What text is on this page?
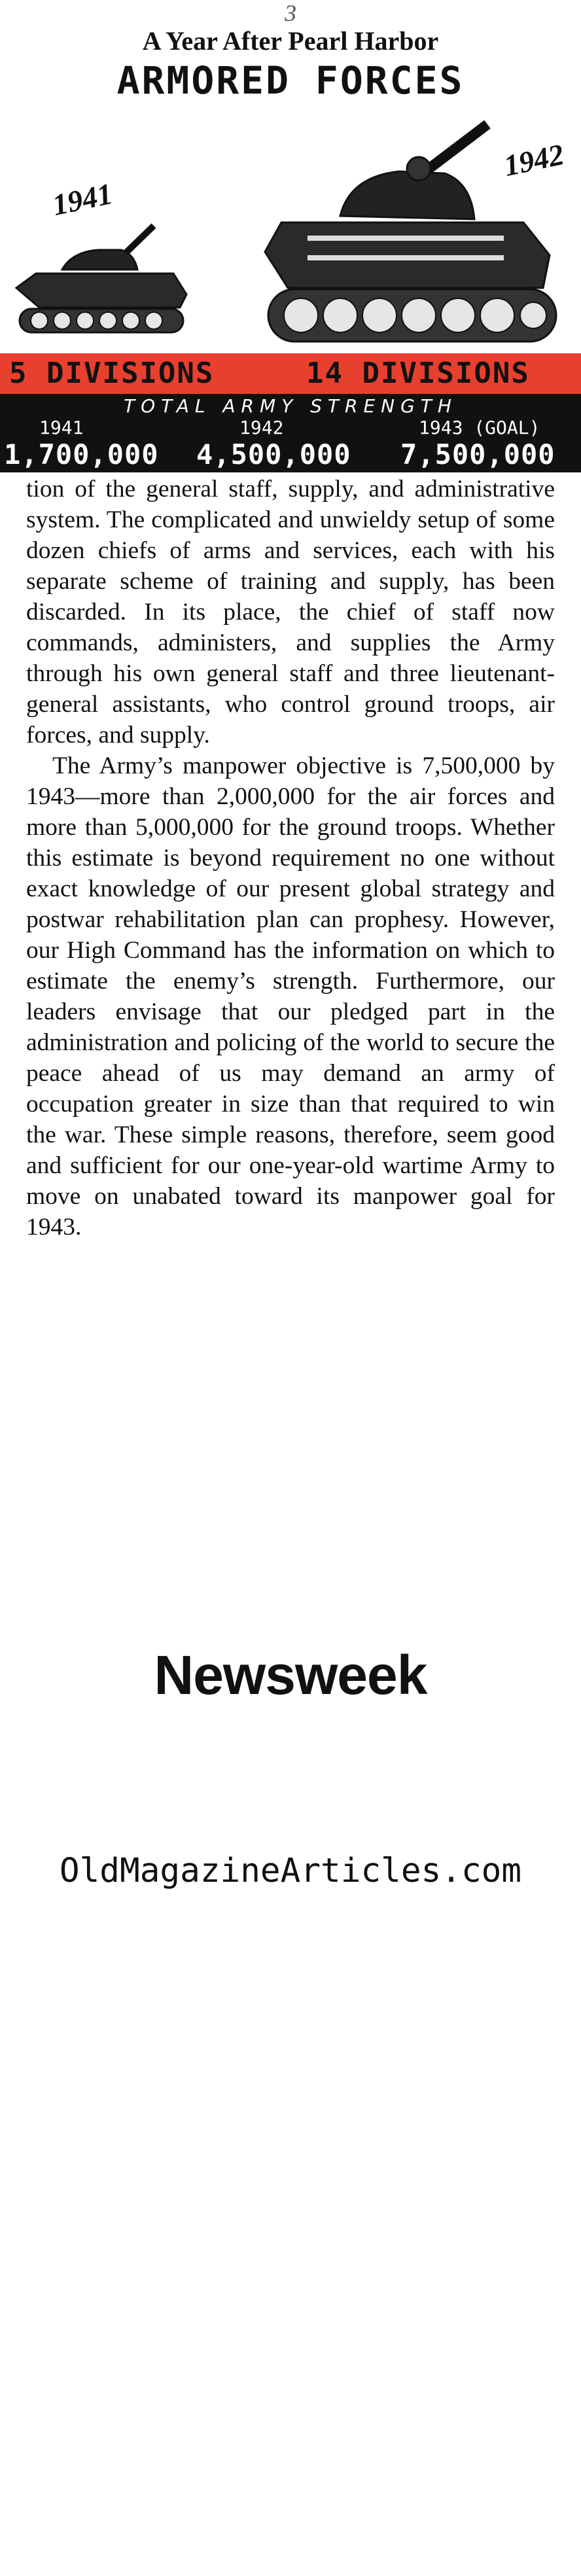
3
A Year After Pearl Harbor
ARMORED FORCES
1941
1942
5 DIVISIONS	14 DIVISIONS
TOTAL ARMY STRENGTH
1941	1942	1943 (GOAL)
1,700,000 4,500,000 7,500,000

tion of the general staff, supply, and administrative system. The complicated and unwieldy setup of some dozen chiefs of arms and services, each with his separate scheme of training and supply, has been discarded. In its place, the chief of staff now commands, administers, and supplies the Army through his own general staff and three lieutenant-general assistants, who control ground troops, air forces, and supply.

The Army’s manpower objective is 7,500,000 by 1943—more than 2,000,000 for the air forces and more than 5,000,000 for the ground troops. Whether this estimate is beyond requirement no one without exact knowledge of our present global strategy and postwar rehabilitation plan can prophesy. However, our High Command has the information on which to estimate the enemy’s strength. Furthermore, our leaders envisage that our pledged part in the administration and policing of the world to secure the peace ahead of us may demand an army of occupation greater in size than that required to win the war. These simple reasons, therefore, seem good and sufficient for our one-year-old wartime Army to move on unabated toward its manpower goal for 1943.

Newsweek
OldMagazineArticles.com
